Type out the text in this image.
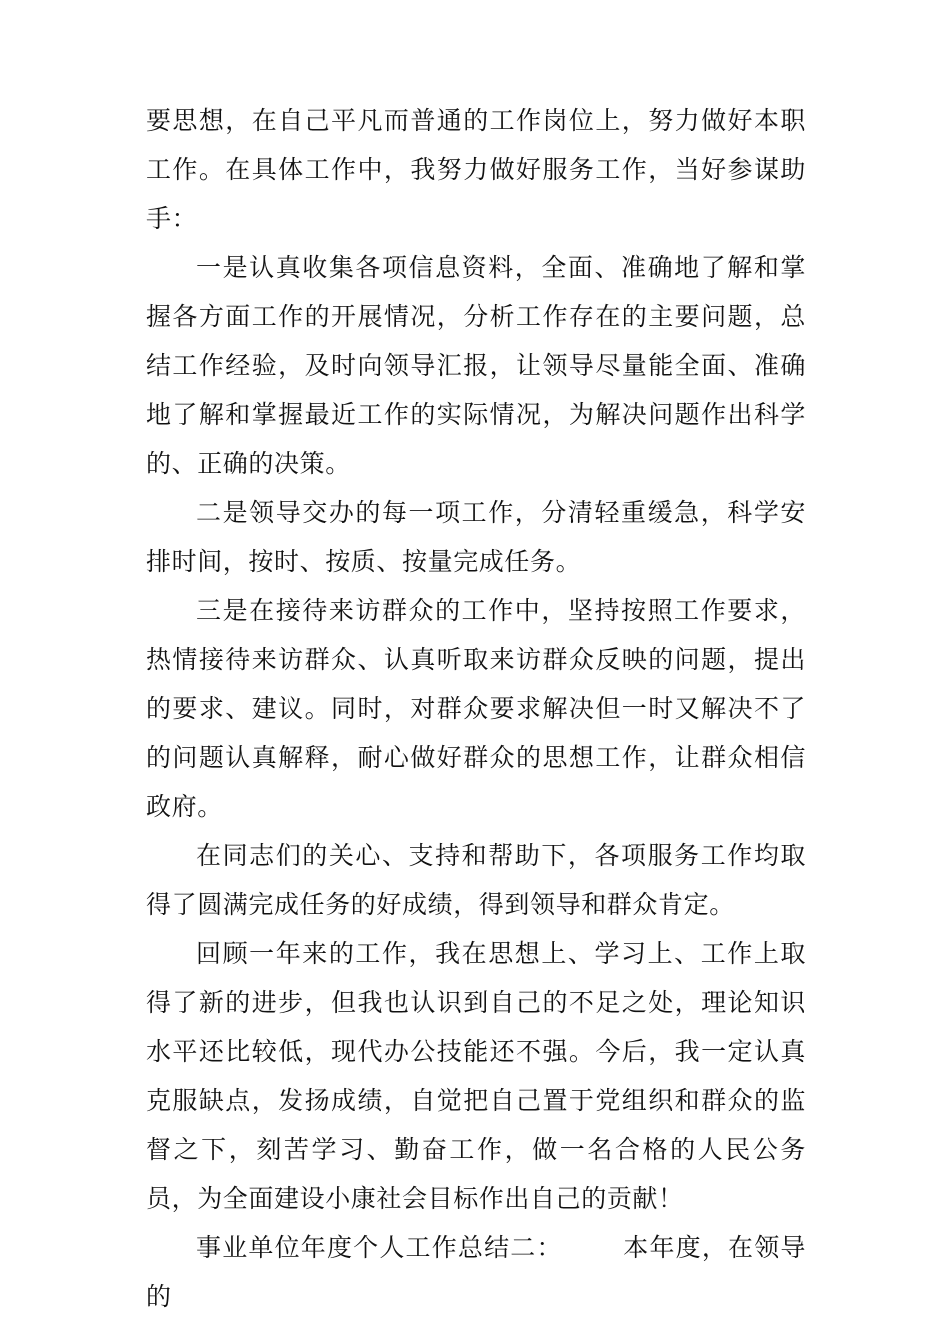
要思想，在自己平凡而普通的工作岗位上，努力做好本职工作。在具体工作中，我努力做好服务工作，当好参谋助手：

一是认真收集各项信息资料，全面、准确地了解和掌握各方面工作的开展情况，分析工作存在的主要问题，总结工作经验，及时向领导汇报，让领导尽量能全面、准确地了解和掌握最近工作的实际情况，为解决问题作出科学的、正确的决策。

二是领导交办的每一项工作，分清轻重缓急，科学安排时间，按时、按质、按量完成任务。

三是在接待来访群众的工作中，坚持按照工作要求，热情接待来访群众、认真听取来访群众反映的问题，提出的要求、建议。同时，对群众要求解决但一时又解决不了的问题认真解释，耐心做好群众的思想工作，让群众相信政府。

在同志们的关心、支持和帮助下，各项服务工作均取得了圆满完成任务的好成绩，得到领导和群众肯定。

回顾一年来的工作，我在思想上、学习上、工作上取得了新的进步，但我也认识到自己的不足之处，理论知识水平还比较低，现代办公技能还不强。今后，我一定认真克服缺点，发扬成绩，自觉把自己置于党组织和群众的监督之下，刻苦学习、勤奋工作，做一名合格的人民公务员，为全面建设小康社会目标作出自己的贡献！

事业单位年度个人工作总结二： 本年度，在领导的
